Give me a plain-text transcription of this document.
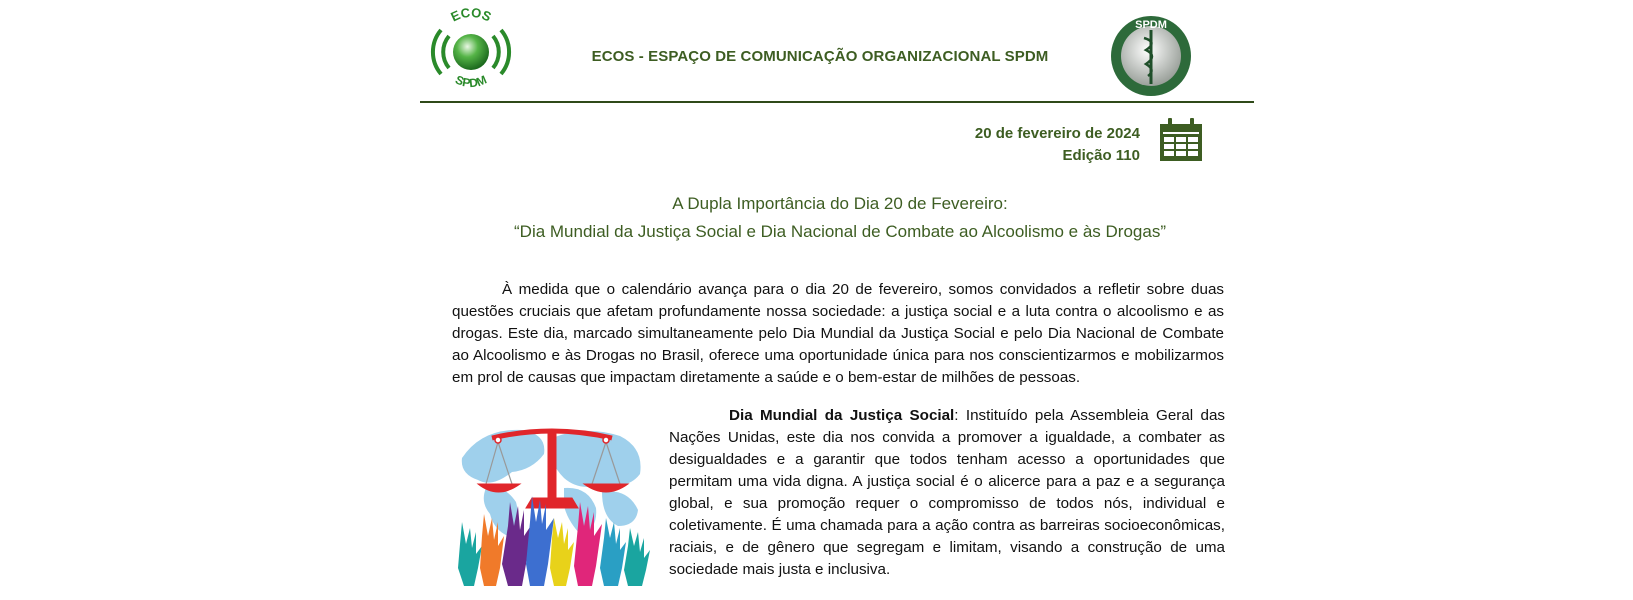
ECOS
SPDM
ECOS - ESPAÇO DE COMUNICAÇÃO ORGANIZACIONAL SPDM
SPDM
20 de fevereiro de 2024
Edição 110
A Dupla Importância do Dia 20 de Fevereiro:
“Dia Mundial da Justiça Social e Dia Nacional de Combate ao Alcoolismo e às Drogas”
À medida que o calendário avança para o dia 20 de fevereiro, somos convidados a refletir sobre duas questões cruciais que afetam profundamente nossa sociedade: a justiça social e a luta contra o alcoolismo e as drogas. Este dia, marcado simultaneamente pelo Dia Mundial da Justiça Social e pelo Dia Nacional de Combate ao Alcoolismo e às Drogas no Brasil, oferece uma oportunidade única para nos conscientizarmos e mobilizarmos em prol de causas que impactam diretamente a saúde e o bem-estar de milhões de pessoas.
Dia Mundial da Justiça Social: Instituído pela Assembleia Geral das Nações Unidas, este dia nos convida a promover a igualdade, a combater as desigualdades e a garantir que todos tenham acesso a oportunidades que permitam uma vida digna. A justiça social é o alicerce para a paz e a segurança global, e sua promoção requer o compromisso de todos nós, individual e coletivamente. É uma chamada para a ação contra as barreiras socioeconômicas, raciais, e de gênero que segregam e limitam, visando a construção de uma sociedade mais justa e inclusiva.
